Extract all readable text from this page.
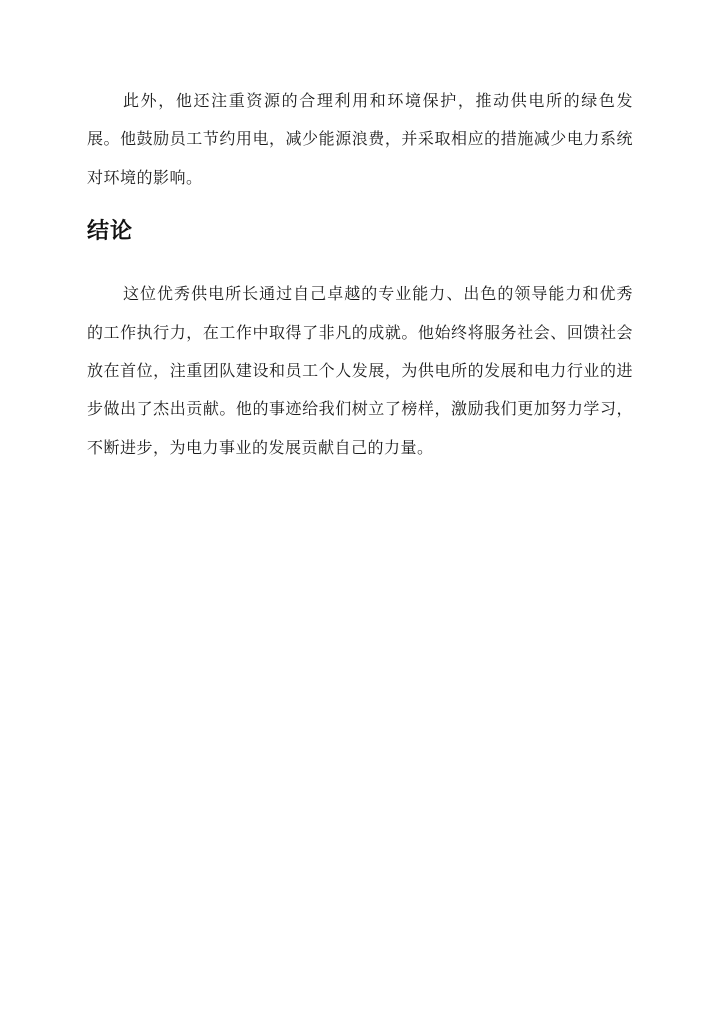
此外，他还注重资源的合理利用和环境保护，推动供电所的绿色发展。他鼓励员工节约用电，减少能源浪费，并采取相应的措施减少电力系统对环境的影响。

结论

这位优秀供电所长通过自己卓越的专业能力、出色的领导能力和优秀的工作执行力，在工作中取得了非凡的成就。他始终将服务社会、回馈社会放在首位，注重团队建设和员工个人发展，为供电所的发展和电力行业的进步做出了杰出贡献。他的事迹给我们树立了榜样，激励我们更加努力学习，不断进步，为电力事业的发展贡献自己的力量。
